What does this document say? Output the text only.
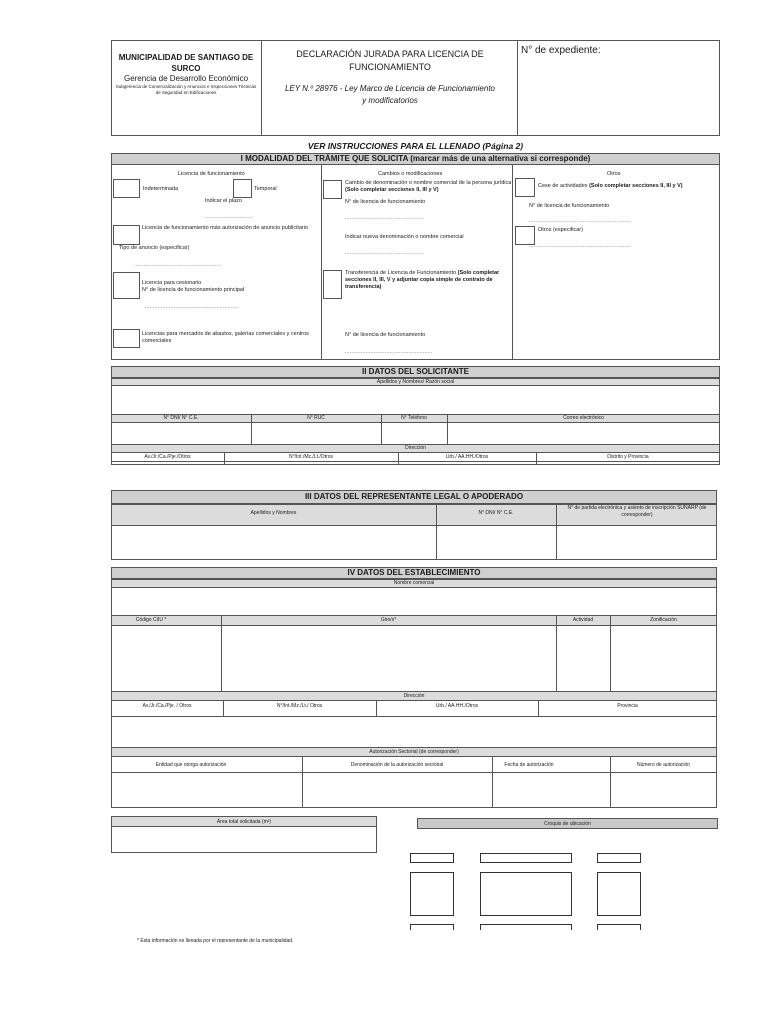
MUNICIPALIDAD DE SANTIAGO DE SURCO
Gerencia de Desarrollo Económico
Subgerencia de Comercialización y Anuncios e Inspecciones Técnicas de Seguridad en Edificaciones
DECLARACIÓN JURADA PARA LICENCIA DE FUNCIONAMIENTO
LEY N.º 28976 - Ley Marco de Licencia de Funcionamiento y modificatorios
N° de expediente:
VER INSTRUCCIONES PARA EL LLENADO (Página 2)
I MODALIDAD DEL TRÁMITE QUE SOLICITA (marcar más de una alternativa si corresponde)
Licencia de funcionamiento	Cambios o modificaciones	Otros
Indeterminada	Temporal
Indicar el plazo
..............................
Licencia de funcionamiento más autorización de anuncio publicitario
Tipo de anuncio (especificar)
.......................................................
Licencia para cesionario
N° de licencia de funcionamiento principal
...........................................................
Licencias para mercados de abastos, galerías comerciales y centros comerciales
Cambio de denominación o nombre comercial de la persona jurídica (Solo completar secciones II, III y V)
N° de licencia de funcionamiento
..................................................
Indicar nueva denominación o nombre comercial
..................................................
Transferencia de Licencia de Funcionamiento (Solo completar secciones II, III, V y adjuntar copia simple de contrato de transferencia)
N° de licencia de funcionamiento
.......................................................
Cese de actividades (Solo completar secciones II, III y V)
N° de licencia de funcionamiento
................................................................
Otros (especificar)
................................................................
II DATOS DEL SOLICITANTE
Apellidos y Nombres/ Razón social
N° DNI/ N° C.E.	N° RUC	N° Teléfono	Correo electrónico
Dirección
Av./Jr./Ca./Pje./Otros	N°/Int./Mz./Lt./Otros	Urb./ AA.HH./Otros	Distrito y Provincia
III DATOS DEL REPRESENTANTE LEGAL O APODERADO
Apellidos y Nombres	N° DNI/ N° C.E.
N° de partida electrónica y asiento de inscripción SUNARP (de corresponder)
IV DATOS DEL ESTABLECIMIENTO
Nombre comercial
Código CIIU *	Giro/s*	Actividad	Zonificación
Dirección
Av./Jr./Ca./Pje. / Otros	N°/Int./Mz./Lt./ Otros	Urb./ AA.HH./Otros	Provincia
Autorización Sectorial (de corresponder)
Entidad que otorga autorización	Denominación de la autorización sectorial	Fecha de autorización	Número de autorización
Área total solicitada (m²)	Croquis de ubicación
* Esta información es llenada por el representante de la municipalidad.
